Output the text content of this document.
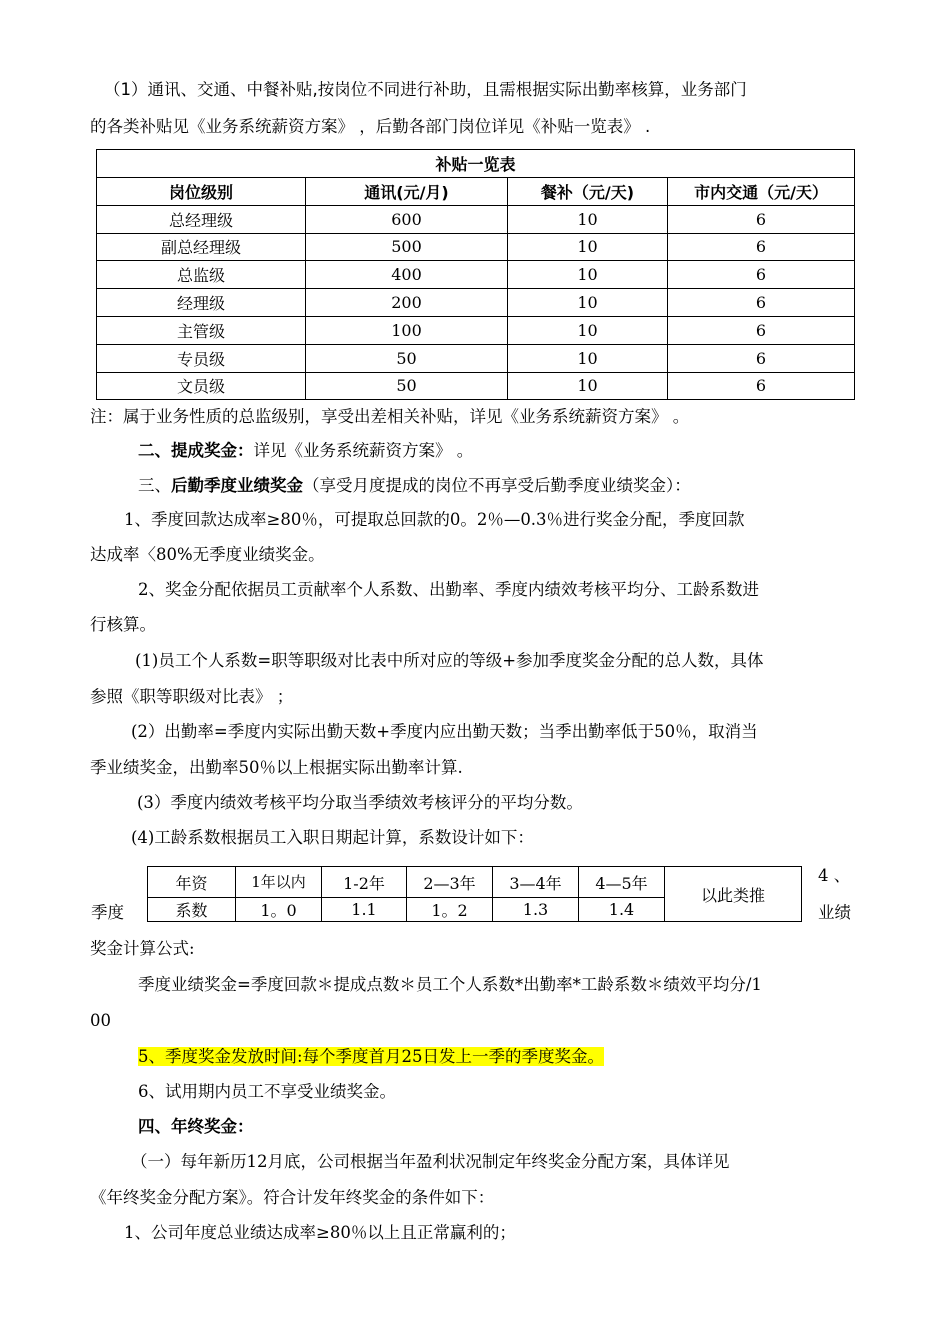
（1）通讯、交通、中餐补贴,按岗位不同进行补助，且需根据实际出勤率核算，业务部门
的各类补贴见《业务系统薪资方案》 ，后勤各部门岗位详见《补贴一览表》 .
补贴一览表			
岗位级别	通讯(元/月)	餐补（元/天)	市内交通（元/天）
总经理级	600	10	6
副总经理级	500	10	6
总监级	400	10	6
经理级	200	10	6
主管级	100	10	6
专员级	50	10	6
文员级	50	10	6
注：属于业务性质的总监级别，享受出差相关补贴，详见《业务系统薪资方案》 。
二、提成奖金：详见《业务系统薪资方案》 。
三、后勤季度业绩奖金（享受月度提成的岗位不再享受后勤季度业绩奖金）：
1、季度回款达成率≥80％，可提取总回款的0。2％—0.3％进行奖金分配，季度回款
达成率〈80%无季度业绩奖金。
2、奖金分配依据员工贡献率个人系数、出勤率、季度内绩效考核平均分、工龄系数进
行核算。
(1)员工个人系数=职等职级对比表中所对应的等级+参加季度奖金分配的总人数，具体
参照《职等职级对比表》 ；
(2）出勤率=季度内实际出勤天数+季度内应出勤天数；当季出勤率低于50％，取消当
季业绩奖金，出勤率50％以上根据实际出勤率计算.
(3）季度内绩效考核平均分取当季绩效考核评分的平均分数。
(4)工龄系数根据员工入职日期起计算，系数设计如下：
季度
4 、
业绩
年资	1年以内	1-2年	2—3年	3—4年	4—5年	以此类推
系数	1。0	1.1	1。2	1.3	1.4	
奖金计算公式:
季度业绩奖金=季度回款＊提成点数＊员工个人系数*出勤率*工龄系数＊绩效平均分/1
00
5、季度奖金发放时间:每个季度首月25日发上一季的季度奖金。
6、试用期内员工不享受业绩奖金。
四、年终奖金：
（一）每年新历12月底，公司根据当年盈利状况制定年终奖金分配方案，具体详见
《年终奖金分配方案》。符合计发年终奖金的条件如下：
1、公司年度总业绩达成率≥80％以上且正常赢利的；
